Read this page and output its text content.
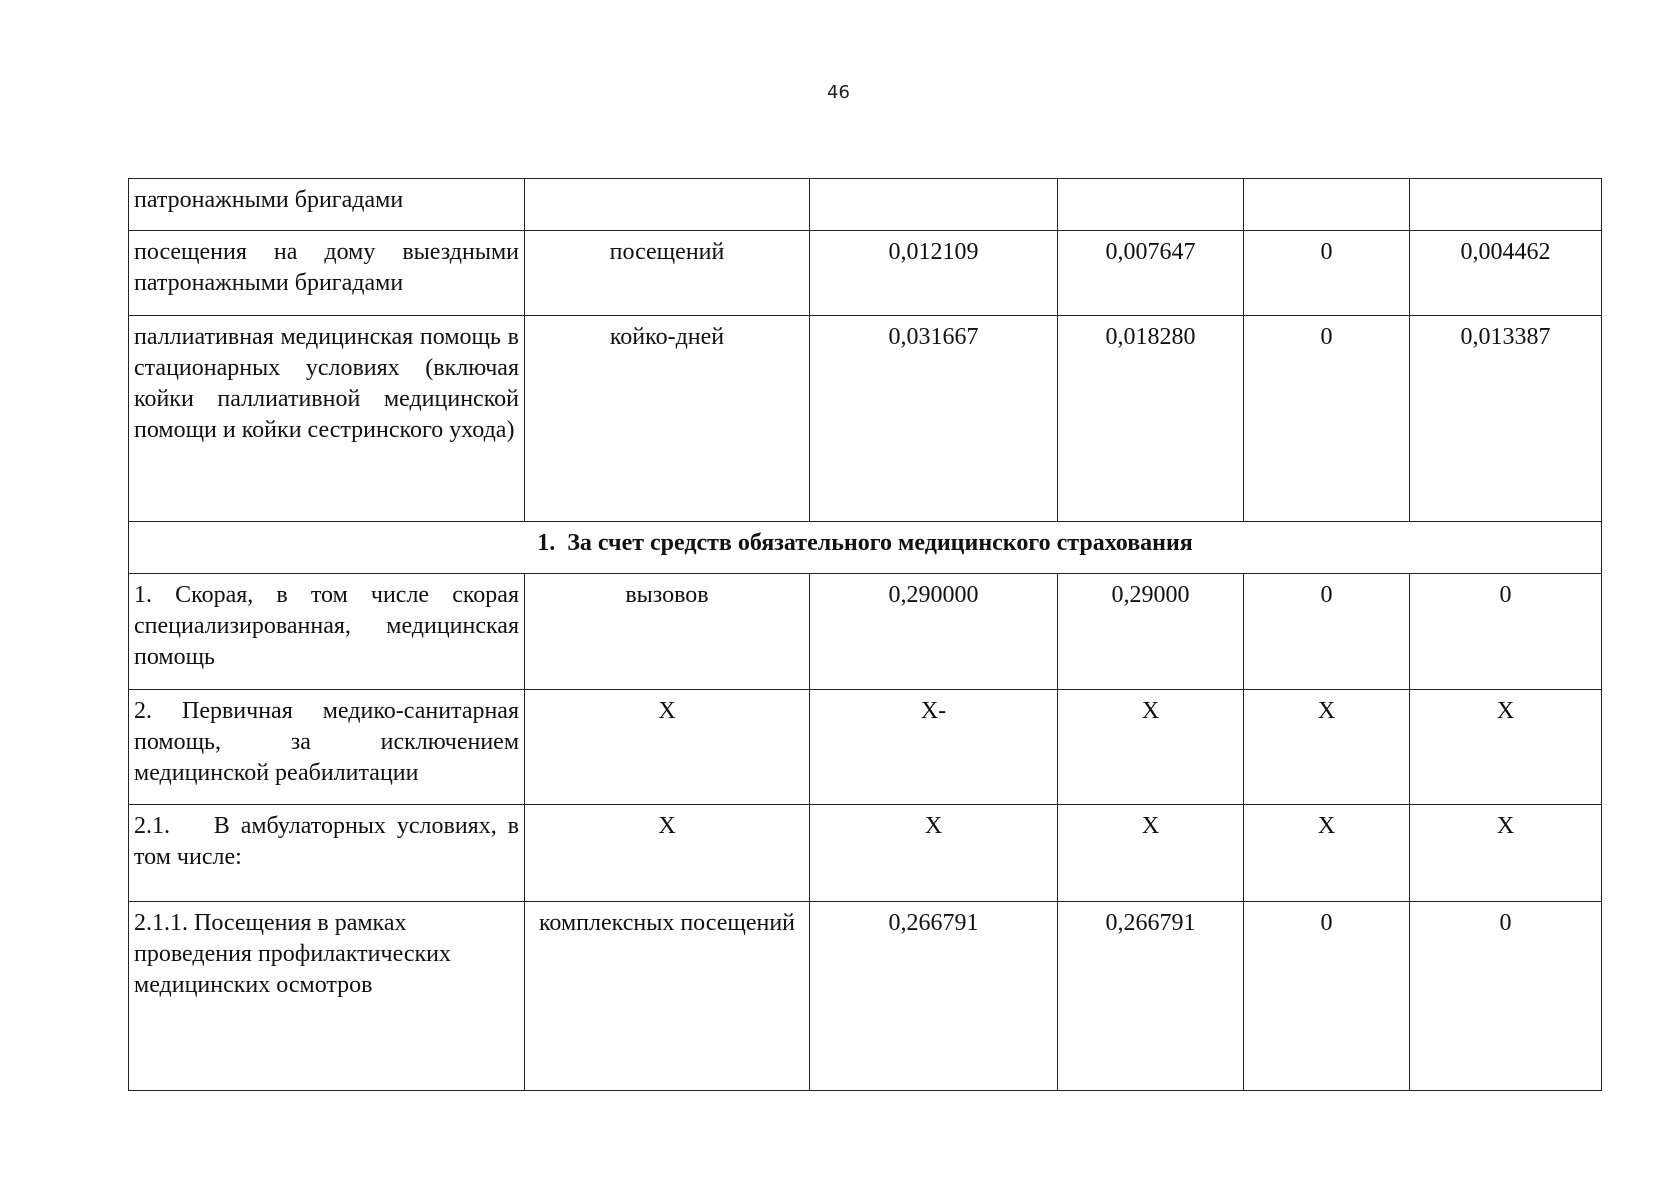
46
патронажными бригадами					
посещения на дому выездными патронажными бригадами	посещений	0,012109	0,007647	0	0,004462
паллиативная медицинская помощь в стационарных условиях (включая койки паллиативной медицинской помощи и койки сестринского ухода)	койко-дней	0,031667	0,018280	0	0,013387
1. За счет средств обязательного медицинского страхования					
1. Скорая, в том числе скорая специализированная, медицинская помощь	вызовов	0,290000	0,29000	0	0
2. Первичная медико-санитарная помощь, за исключением медицинской реабилитации	Х	Х-	Х	Х	Х
2.1.    В амбулаторных условиях, в том числе:	Х	Х	Х	Х	Х
2.1.1. Посещения в рамках проведения профилактических медицинских осмотров	комплексных посещений	0,266791	0,266791	0	0
